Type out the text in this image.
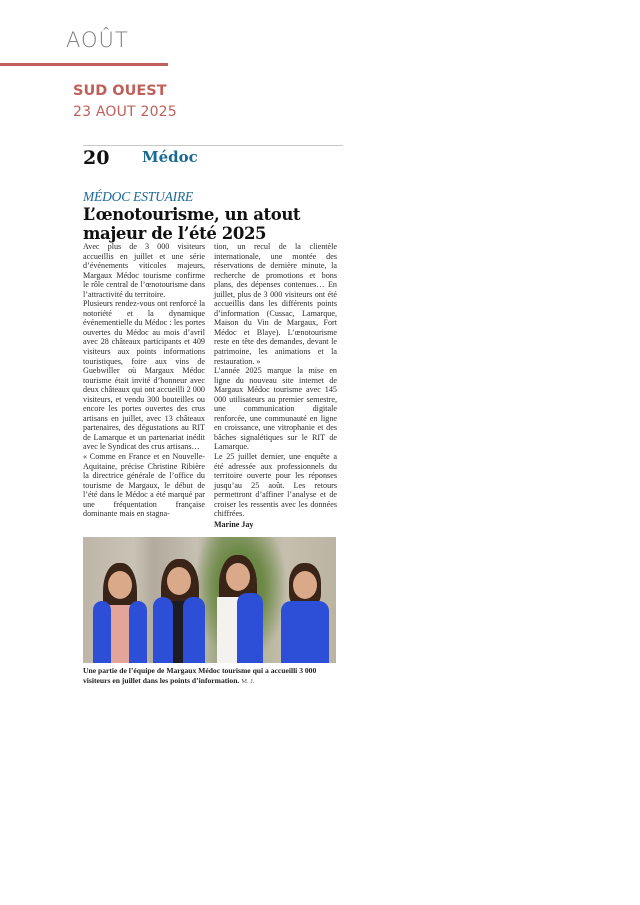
AOÛT
SUD OUEST
23 AOUT 2025
20 Médoc
MÉDOC ESTUAIRE
L’œnotourisme, un atout
majeur de l’été 2025

Avec plus de 3 000 visiteurs accueillis en juillet et une série d’événements viticoles majeurs, Margaux Médoc tourisme confirme le rôle central de l’œnotourisme dans l’attractivité du territoire.

Plusieurs rendez-vous ont renforcé la notoriété et la dynamique événementielle du Médoc : les portes ouvertes du Médoc au mois d’avril avec 28 châteaux participants et 409 visiteurs aux points informations touristiques, foire aux vins de Guebwiller où Margaux Médoc tourisme était invité d’honneur avec deux châteaux qui ont accueilli 2 000 visiteurs, et vendu 300 bouteilles ou encore les portes ouvertes des crus artisans en juillet, avec 13 châteaux partenaires, des dégustations au RIT de Lamarque et un partenariat inédit avec le Syndicat des crus artisans…

« Comme en France et en Nouvelle-Aquitaine, précise Christine Ribière la directrice générale de l’office du tourisme de Margaux, le début de l’été dans le Médoc a été marqué par une fréquentation française dominante mais en stagna-

tion, un recul de la clientèle internationale, une montée des réservations de dernière minute, la recherche de promotions et bons plans, des dépenses contenues… En juillet, plus de 3 000 visiteurs ont été accueillis dans les différents points d’information (Cussac, Lamarque, Maison du Vin de Margaux, Fort Médoc et Blaye). L’œnotourisme reste en tête des demandes, devant le patrimoine, les animations et la restauration. »

L’année 2025 marque la mise en ligne du nouveau site internet de Margaux Médoc tourisme avec 145 000 utilisateurs au premier semestre, une communication digitale renforcée, une communauté en ligne en croissance, une vitrophanie et des bâches signalétiques sur le RIT de Lamarque.

Le 25 juillet dernier, une enquête a été adressée aux professionnels du territoire ouverte pour les réponses jusqu’au 25 août. Les retours permettront d’affiner l’analyse et de croiser les ressentis avec les données chiffrées.

Marine Jay
Une partie de l’équipe de Margaux Médoc tourisme qui a accueilli 3 000 visiteurs en juillet dans les points d’information. M. J.
